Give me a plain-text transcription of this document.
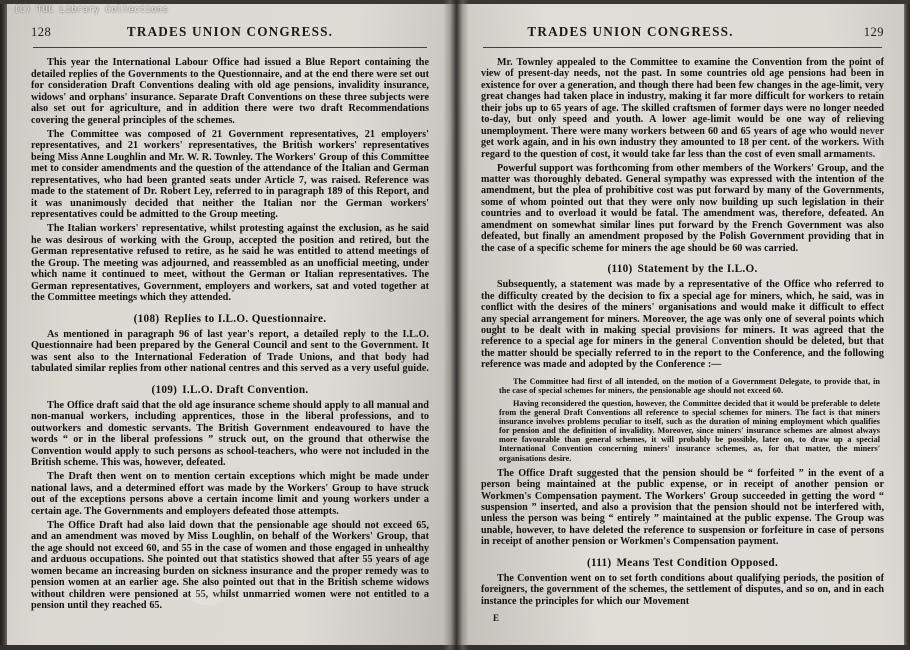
128	TRADES UNION CONGRESS.

This year the International Labour Office had issued a Blue Report containing the detailed replies of the Governments to the Questionnaire, and at the end there were set out for consideration Draft Conventions dealing with old age pensions, invalidity insurance, widows' and orphans' insurance. Separate Draft Conventions on these three subjects were also set out for agriculture, and in addition there were two draft Recommendations covering the general principles of the schemes.

The Committee was composed of 21 Government representatives, 21 employers' representatives, and 21 workers' representatives, the British workers' representatives being Miss Anne Loughlin and Mr. W. R. Townley. The Workers' Group of this Committee met to consider amendments and the question of the attendance of the Italian and German representatives, who had been granted seats under Article 7, was raised. Reference was made to the statement of Dr. Robert Ley, referred to in paragraph 189 of this Report, and it was unanimously decided that neither the Italian nor the German workers' representatives could be admitted to the Group meeting.

The Italian workers' representative, whilst protesting against the exclusion, as he said he was desirous of working with the Group, accepted the position and retired, but the German representative refused to retire, as he said he was entitled to attend meetings of the Group. The meeting was adjourned, and reassembled as an unofficial meeting, under which name it continued to meet, without the German or Italian representatives. The German representatives, Government, employers and workers, sat and voted together at the Committee meetings which they attended.

(108) Replies to I.L.O. Questionnaire.

As mentioned in paragraph 96 of last year's report, a detailed reply to the I.L.O. Questionnaire had been prepared by the General Council and sent to the Government. It was sent also to the International Federation of Trade Unions, and that body had tabulated similar replies from other national centres and this served as a very useful guide.

(109) I.L.O. Draft Convention.

The Office draft said that the old age insurance scheme should apply to all manual and non-manual workers, including apprentices, those in the liberal professions, and to outworkers and domestic servants. The British Government endeavoured to have the words “ or in the liberal professions ” struck out, on the ground that otherwise the Convention would apply to such persons as school-teachers, who were not included in the British scheme. This was, however, defeated.

The Draft then went on to mention certain exceptions which might be made under national laws, and a determined effort was made by the Workers' Group to have struck out of the exceptions persons above a certain income limit and young workers under a certain age. The Governments and employers defeated those attempts.

The Office Draft had also laid down that the pensionable age should not exceed 65, and an amendment was moved by Miss Loughlin, on behalf of the Workers' Group, that the age should not exceed 60, and 55 in the case of women and those engaged in unhealthy and arduous occupations. She pointed out that statistics showed that after 55 years of age women became an increasing burden on sickness insurance and the proper remedy was to pension women at an earlier age. She also pointed out that in the British scheme widows without children were pensioned at 55, whilst unmarried women were not entitled to a pension until they reached 65.

TRADES UNION CONGRESS.	129

Mr. Townley appealed to the Committee to examine the Convention from the point of view of present-day needs, not the past. In some countries old age pensions had been in existence for over a generation, and though there had been few changes in the age-limit, very great changes had taken place in industry, making it far more difficult for workers to retain their jobs up to 65 years of age. The skilled craftsmen of former days were no longer needed to-day, but only speed and youth. A lower age-limit would be one way of relieving unemployment. There were many workers between 60 and 65 years of age who would never get work again, and in his own industry they amounted to 18 per cent. of the workers. With regard to the question of cost, it would take far less than the cost of even small armaments.

Powerful support was forthcoming from other members of the Workers' Group, and the matter was thoroughly debated. General sympathy was expressed with the intention of the amendment, but the plea of prohibitive cost was put forward by many of the Governments, some of whom pointed out that they were only now building up such legislation in their countries and to overload it would be fatal. The amendment was, therefore, defeated. An amendment on somewhat similar lines put forward by the French Government was also defeated, but finally an amendment proposed by the Polish Government providing that in the case of a specific scheme for miners the age should be 60 was carried.

(110) Statement by the I.L.O.

Subsequently, a statement was made by a representative of the Office who referred to the difficulty created by the decision to fix a special age for miners, which, he said, was in conflict with the desires of the miners' organisations and would make it difficult to effect any special arrangement for miners. Moreover, the age was only one of several points which ought to be dealt with in making special provisions for miners. It was agreed that the reference to a special age for miners in the general Convention should be deleted, but that the matter should be specially referred to in the report to the Conference, and the following reference was made and adopted by the Conference :—

The Committee had first of all intended, on the motion of a Government Delegate, to provide that, in the case of special schemes for miners, the pensionable age should not exceed 60.

Having reconsidered the question, however, the Committee decided that it would be preferable to delete from the general Draft Conventions all reference to special schemes for miners. The fact is that miners insurance involves problems peculiar to itself, such as the duration of mining employment which qualifies for pension and the definition of invalidity. Moreover, since miners' insurance schemes are almost always more favourable than general schemes, it will probably be possible, later on, to draw up a special International Convention concerning miners' insurance schemes, as, for that matter, the miners' organisations desire.

The Office Draft suggested that the pension should be “ forfeited ” in the event of a person being maintained at the public expense, or in receipt of another pension or Workmen's Compensation payment. The Workers' Group succeeded in getting the word “ suspension ” inserted, and also a provision that the pension should not be interfered with, unless the person was being “ entirely ” maintained at the public expense. The Group was unable, however, to have deleted the reference to suspension or forfeiture in case of persons in receipt of another pension or Workmen's Compensation payment.

(111) Means Test Condition Opposed.

The Convention went on to set forth conditions about qualifying periods, the position of foreigners, the government of the schemes, the settlement of disputes, and so on, and in each instance the principles for which our Movement

E
(C) TUC Library Collections
